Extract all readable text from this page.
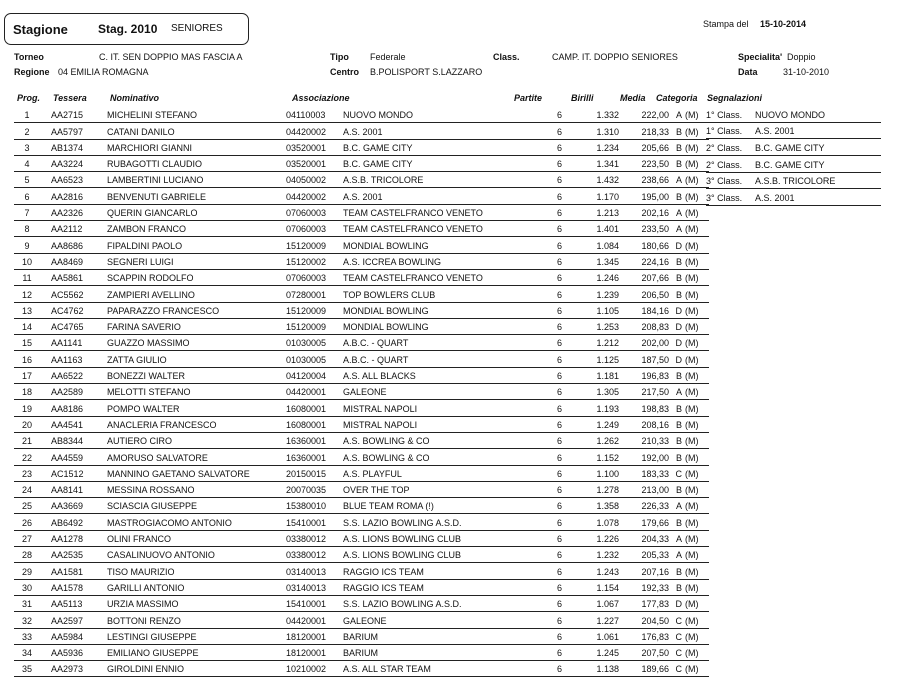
Stagione	Stag. 2010 SENIORES	Stampa del 15-10-2014
Torneo	C. IT. SEN DOPPIO MAS FASCIA A
Regione 04 EMILIA ROMAGNA
Tipo Federale
Centro B.POLISPORT S.LAZZARO
Class.	CAMP. IT. DOPPIO SENIORES	Specialita' Doppio
Data	31-10-2010
Prog. Tessera	Nominativo	Associazione	Partite	Birilli	Media Categoria Segnalazioni
1	AA2715	MICHELINI STEFANO	04110003	NUOVO MONDO	6	1.332	222,00	A	(M)
2	AA5797	CATANI DANILO	04420002	A.S. 2001	6	1.310	218,33	B	(M)
3	AB1374	MARCHIORI GIANNI	03520001	B.C. GAME CITY	6	1.234	205,66	B	(M)
4	AA3224	RUBAGOTTI CLAUDIO	03520001	B.C. GAME CITY	6	1.341	223,50	B	(M)
5	AA6523	LAMBERTINI LUCIANO	04050002	A.S.B. TRICOLORE	6	1.432	238,66	A	(M)
6	AA2816	BENVENUTI GABRIELE	04420002	A.S. 2001	6	1.170	195,00	B	(M)
7	AA2326	QUERIN GIANCARLO	07060003	TEAM CASTELFRANCO VENETO	6	1.213	202,16	A	(M)
8	AA2112	ZAMBON FRANCO	07060003	TEAM CASTELFRANCO VENETO	6	1.401	233,50	A	(M)
9	AA8686	FIPALDINI PAOLO	15120009	MONDIAL BOWLING	6	1.084	180,66	D	(M)
10	AA8469	SEGNERI LUIGI	15120002	A.S. ICCREA BOWLING	6	1.345	224,16	B	(M)
11	AA5861	SCAPPIN RODOLFO	07060003	TEAM CASTELFRANCO VENETO	6	1.246	207,66	B	(M)
12	AC5562	ZAMPIERI AVELLINO	07280001	TOP BOWLERS CLUB	6	1.239	206,50	B	(M)
13	AC4762	PAPARAZZO FRANCESCO	15120009	MONDIAL BOWLING	6	1.105	184,16	D	(M)
14	AC4765	FARINA SAVERIO	15120009	MONDIAL BOWLING	6	1.253	208,83	D	(M)
15	AA1141	GUAZZO MASSIMO	01030005	A.B.C. - QUART	6	1.212	202,00	D	(M)
16	AA1163	ZATTA GIULIO	01030005	A.B.C. - QUART	6	1.125	187,50	D	(M)
17	AA6522	BONEZZI WALTER	04120004	A.S. ALL BLACKS	6	1.181	196,83	B	(M)
18	AA2589	MELOTTI STEFANO	04420001	GALEONE	6	1.305	217,50	A	(M)
19	AA8186	POMPO WALTER	16080001	MISTRAL NAPOLI	6	1.193	198,83	B	(M)
20	AA4541	ANACLERIA FRANCESCO	16080001	MISTRAL NAPOLI	6	1.249	208,16	B	(M)
21	AB8344	AUTIERO CIRO	16360001	A.S. BOWLING & CO	6	1.262	210,33	B	(M)
22	AA4559	AMORUSO SALVATORE	16360001	A.S. BOWLING & CO	6	1.152	192,00	B	(M)
23	AC1512	MANNINO GAETANO SALVATORE	20150015	A.S. PLAYFUL	6	1.100	183,33	C	(M)
24	AA8141	MESSINA ROSSANO	20070035	OVER THE TOP	6	1.278	213,00	B	(M)
25	AA3669	SCIASCIA GIUSEPPE	15380010	BLUE TEAM ROMA (!)	6	1.358	226,33	A	(M)
26	AB6492	MASTROGIACOMO ANTONIO	15410001	S.S. LAZIO BOWLING A.S.D.	6	1.078	179,66	B	(M)
27	AA1278	OLINI FRANCO	03380012	A.S. LIONS BOWLING CLUB	6	1.226	204,33	A	(M)
28	AA2535	CASALINUOVO ANTONIO	03380012	A.S. LIONS BOWLING CLUB	6	1.232	205,33	A	(M)
29	AA1581	TISO MAURIZIO	03140013	RAGGIO ICS TEAM	6	1.243	207,16	B	(M)
30	AA1578	GARILLI ANTONIO	03140013	RAGGIO ICS TEAM	6	1.154	192,33	B	(M)
31	AA5113	URZIA MASSIMO	15410001	S.S. LAZIO BOWLING A.S.D.	6	1.067	177,83	D	(M)
32	AA2597	BOTTONI RENZO	04420001	GALEONE	6	1.227	204,50	C	(M)
33	AA5984	LESTINGI GIUSEPPE	18120001	BARIUM	6	1.061	176,83	C	(M)
34	AA5936	EMILIANO GIUSEPPE	18120001	BARIUM	6	1.245	207,50	C	(M)
35	AA2973	GIROLDINI ENNIO	10210002	A.S. ALL STAR TEAM	6	1.138	189,66	C	(M)
1° Class.	NUOVO MONDO
1° Class.	A.S. 2001
2° Class.	B.C. GAME CITY
2° Class.	B.C. GAME CITY
3° Class.	A.S.B. TRICOLORE
3° Class.	A.S. 2001
